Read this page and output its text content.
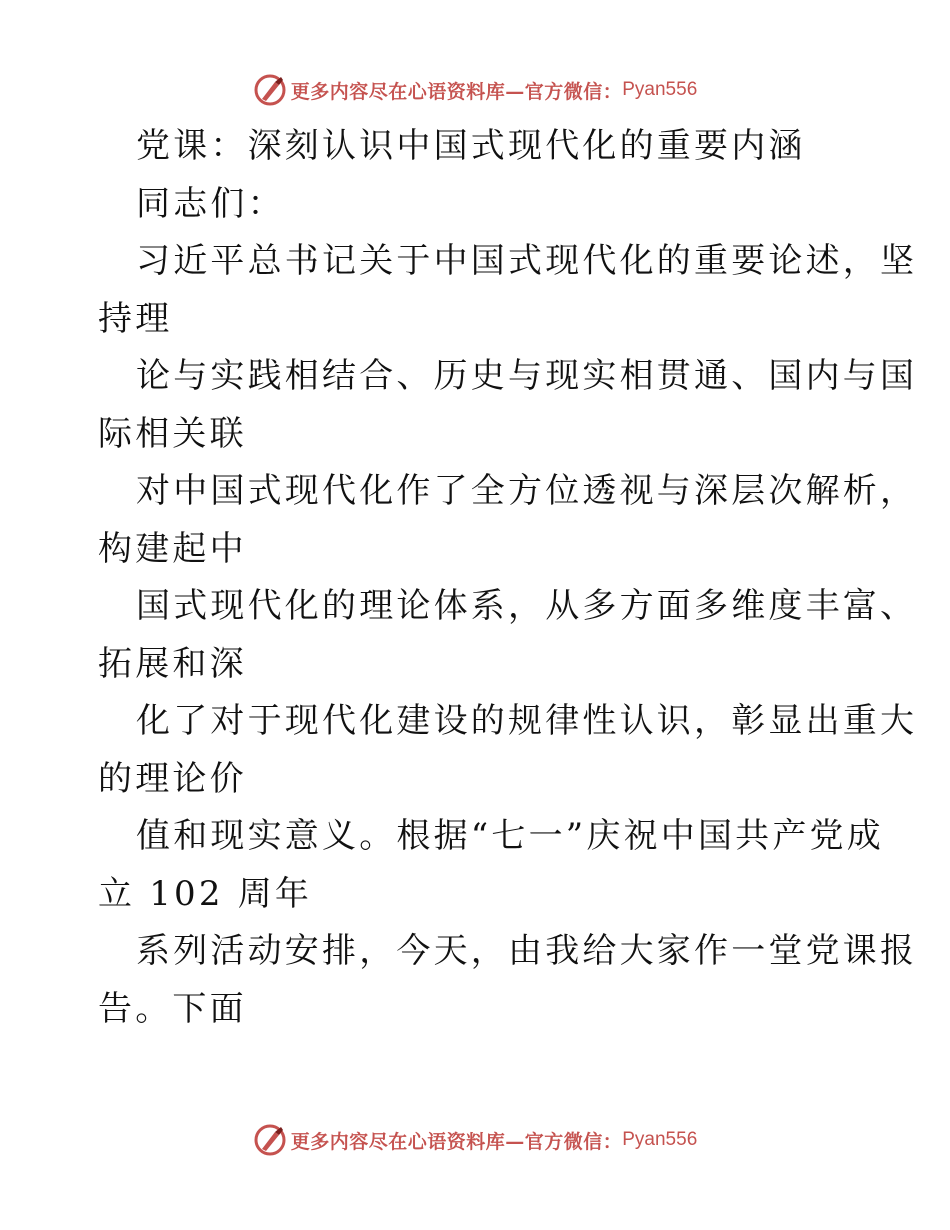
更多内容尽在心语资料库—官方微信： Pyan556
党课：深刻认识中国式现代化的重要内涵
同志们：
习近平总书记关于中国式现代化的重要论述，坚
持理
论与实践相结合、历史与现实相贯通、国内与国
际相关联
对中国式现代化作了全方位透视与深层次解析，
构建起中
国式现代化的理论体系，从多方面多维度丰富、
拓展和深
化了对于现代化建设的规律性认识，彰显出重大
的理论价
值和现实意义。根据“七一”庆祝中国共产党成
立 102 周年
系列活动安排，今天，由我给大家作一堂党课报
告。下面
更多内容尽在心语资料库—官方微信： Pyan556
